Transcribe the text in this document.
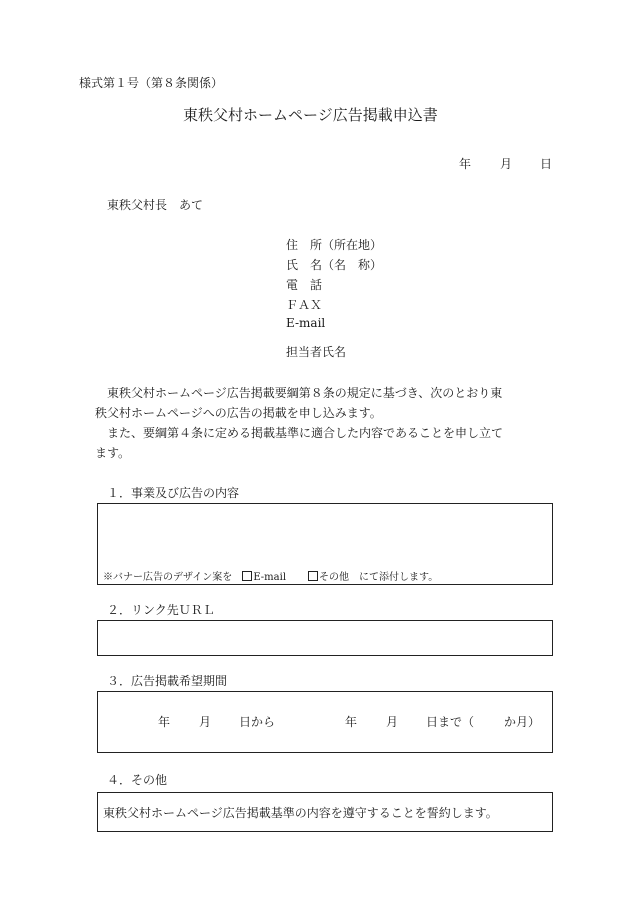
様式第１号（第８条関係）
東秩父村ホームページ広告掲載申込書
年 月 日
東秩父村長　あて
住　所（所在地）
氏　名（名　称）
電　話
ＦＡＸ
E-mail
担当者氏名
東秩父村ホームページ広告掲載要綱第８条の規定に基づき、次のとおり東
秩父村ホームページへの広告の掲載を申し込みます。
また、要綱第４条に定める掲載基準に適合した内容であることを申し立て
ます。
１．事業及び広告の内容
※バナー広告のデザイン案を E-mail	その他 にて添付します。
２．リンク先ＵＲＬ
３．広告掲載希望期間
年 月 日から	年 月 日まで（ か月）
４．その他
東秩父村ホームページ広告掲載基準の内容を遵守することを誓約します。
